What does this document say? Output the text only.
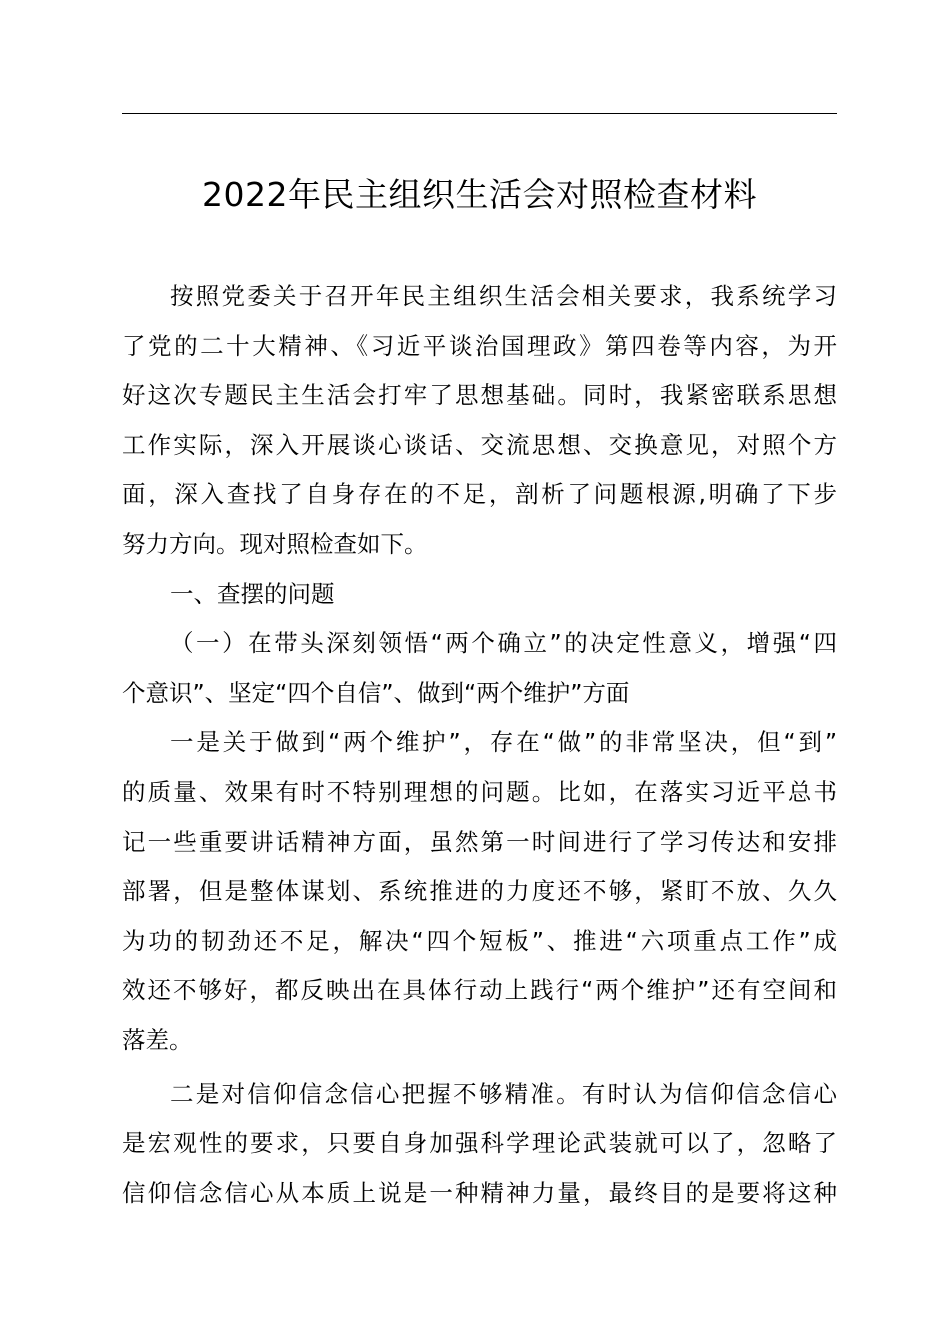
2022年民主组织生活会对照检查材料
按照党委关于召开年民主组织生活会相关要求，我系统学习
了党的二十大精神、《习近平谈治国理政》第四卷等内容，为开
好这次专题民主生活会打牢了思想基础。同时，我紧密联系思想
工作实际，深入开展谈心谈话、交流思想、交换意见，对照个方
面，深入查找了自身存在的不足，剖析了问题根源,明确了下步
努力方向。现对照检查如下。
一、查摆的问题
（一）在带头深刻领悟“两个确立”的决定性意义，增强“四
个意识”、坚定“四个自信”、做到“两个维护”方面
一是关于做到“两个维护”，存在“做”的非常坚决，但“到”
的质量、效果有时不特别理想的问题。比如，在落实习近平总书
记一些重要讲话精神方面，虽然第一时间进行了学习传达和安排
部署，但是整体谋划、系统推进的力度还不够，紧盯不放、久久
为功的韧劲还不足，解决“四个短板”、推进“六项重点工作”成
效还不够好，都反映出在具体行动上践行“两个维护”还有空间和
落差。
二是对信仰信念信心把握不够精准。有时认为信仰信念信心
是宏观性的要求，只要自身加强科学理论武装就可以了，忽略了
信仰信念信心从本质上说是一种精神力量，最终目的是要将这种
